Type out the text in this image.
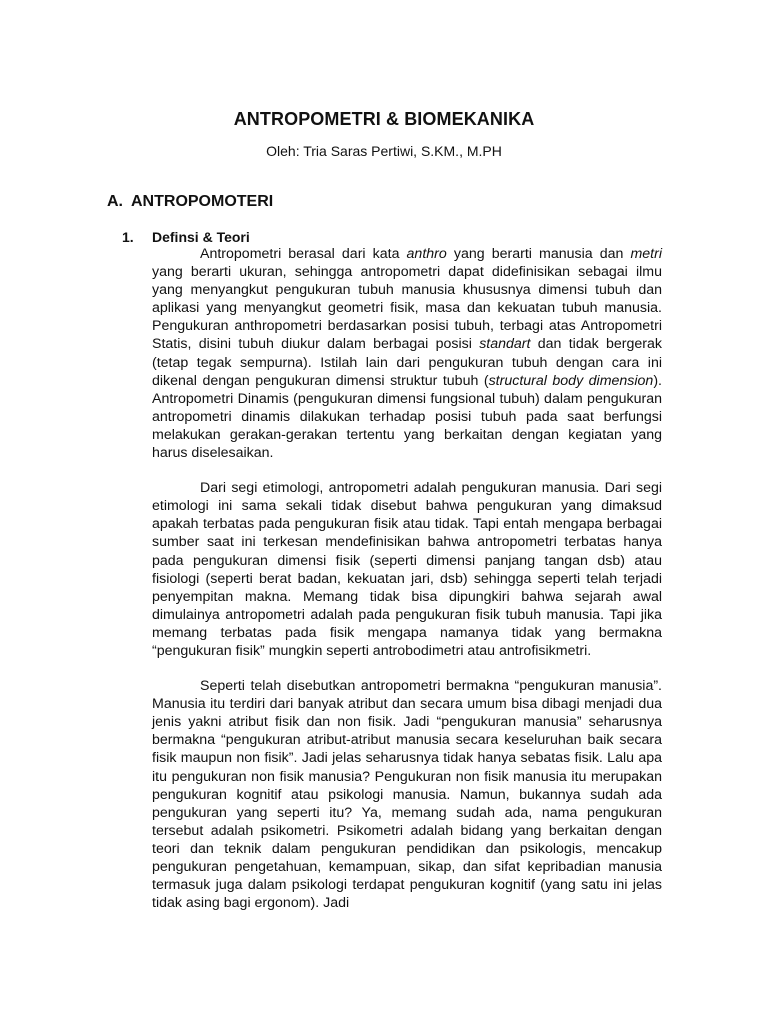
ANTROPOMETRI & BIOMEKANIKA
Oleh: Tria Saras Pertiwi, S.KM., M.PH
A. ANTROPOMOTERI
1. Definsi & Teori

Antropometri berasal dari kata anthro yang berarti manusia dan metri yang berarti ukuran, sehingga antropometri dapat didefinisikan sebagai ilmu yang menyangkut pengukuran tubuh manusia khususnya dimensi tubuh dan aplikasi yang menyangkut geometri fisik, masa dan kekuatan tubuh manusia. Pengukuran anthropometri berdasarkan posisi tubuh, terbagi atas Antropometri Statis, disini tubuh diukur dalam berbagai posisi standart dan tidak bergerak (tetap tegak sempurna). Istilah lain dari pengukuran tubuh dengan cara ini dikenal dengan pengukuran dimensi struktur tubuh (structural body dimension). Antropometri Dinamis (pengukuran dimensi fungsional tubuh) dalam pengukuran antropometri dinamis dilakukan terhadap posisi tubuh pada saat berfungsi melakukan gerakan-gerakan tertentu yang berkaitan dengan kegiatan yang harus diselesaikan.

Dari segi etimologi, antropometri adalah pengukuran manusia. Dari segi etimologi ini sama sekali tidak disebut bahwa pengukuran yang dimaksud apakah terbatas pada pengukuran fisik atau tidak. Tapi entah mengapa berbagai sumber saat ini terkesan mendefinisikan bahwa antropometri terbatas hanya pada pengukuran dimensi fisik (seperti dimensi panjang tangan dsb) atau fisiologi (seperti berat badan, kekuatan jari, dsb) sehingga seperti telah terjadi penyempitan makna. Memang tidak bisa dipungkiri bahwa sejarah awal dimulainya antropometri adalah pada pengukuran fisik tubuh manusia. Tapi jika memang terbatas pada fisik mengapa namanya tidak yang bermakna “pengukuran fisik” mungkin seperti antrobodimetri atau antrofisikmetri.

Seperti telah disebutkan antropometri bermakna “pengukuran manusia”. Manusia itu terdiri dari banyak atribut dan secara umum bisa dibagi menjadi dua jenis yakni atribut fisik dan non fisik. Jadi “pengukuran manusia” seharusnya bermakna “pengukuran atribut-atribut manusia secara keseluruhan baik secara fisik maupun non fisik”. Jadi jelas seharusnya tidak hanya sebatas fisik. Lalu apa itu pengukuran non fisik manusia? Pengukuran non fisik manusia itu merupakan pengukuran kognitif atau psikologi manusia. Namun, bukannya sudah ada pengukuran yang seperti itu? Ya, memang sudah ada, nama pengukuran tersebut adalah psikometri. Psikometri adalah bidang yang berkaitan dengan teori dan teknik dalam pengukuran pendidikan dan psikologis, mencakup pengukuran pengetahuan, kemampuan, sikap, dan sifat kepribadian manusia termasuk juga dalam psikologi terdapat pengukuran kognitif (yang satu ini jelas tidak asing bagi ergonom). Jadi
